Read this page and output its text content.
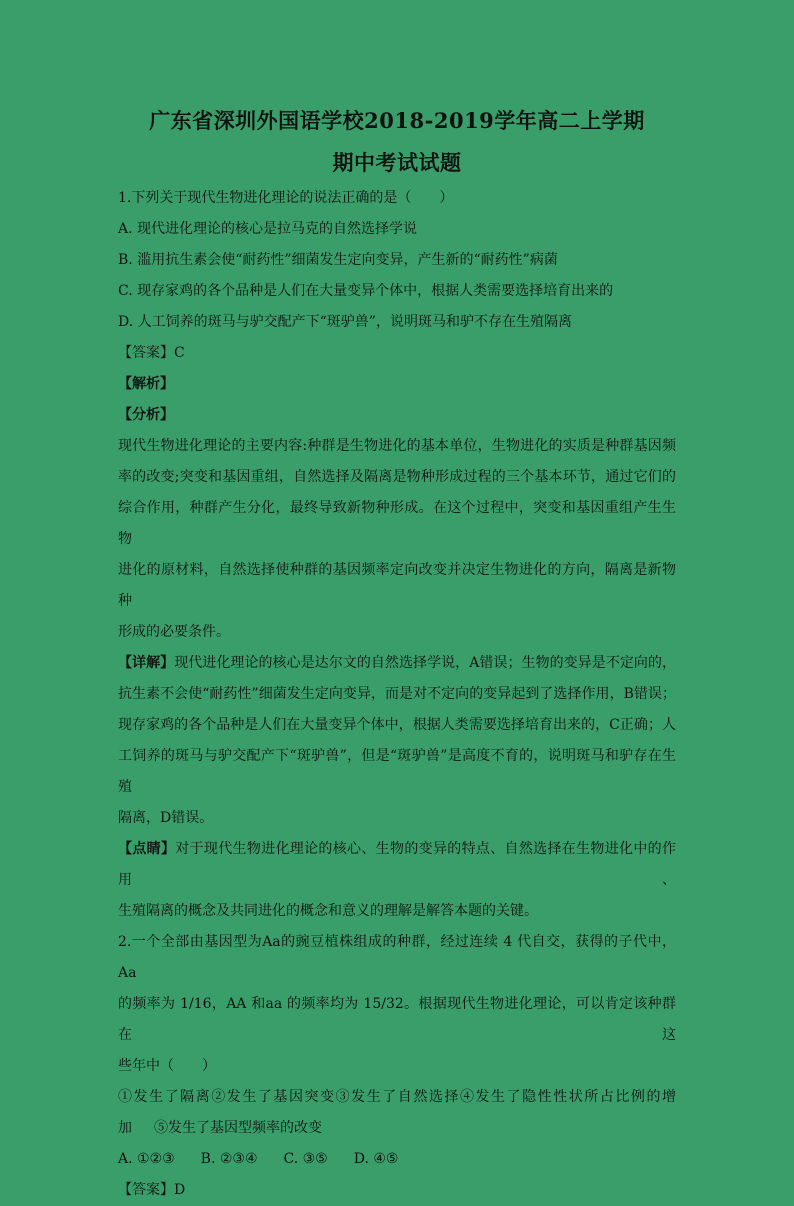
广东省深圳外国语学校2018-2019学年高二上学期
期中考试试题

1.下列关于现代生物进化理论的说法正确的是（　　）

A. 现代进化理论的核心是拉马克的自然选择学说

B. 滥用抗生素会使“耐药性”细菌发生定向变异，产生新的“耐药性”病菌

C. 现存家鸡的各个品种是人们在大量变异个体中，根据人类需要选择培育出来的

D. 人工饲养的斑马与驴交配产下“斑驴兽”，说明斑马和驴不存在生殖隔离

【答案】C

【解析】

【分析】

现代生物进化理论的主要内容:种群是生物进化的基本单位，生物进化的实质是种群基因频

率的改变;突变和基因重组，自然选择及隔离是物种形成过程的三个基本环节，通过它们的

综合作用，种群产生分化，最终导致新物种形成。在这个过程中，突变和基因重组产生生物

进化的原材料，自然选择使种群的基因频率定向改变并决定生物进化的方向，隔离是新物种

形成的必要条件。

【详解】现代进化理论的核心是达尔文的自然选择学说，A错误；生物的变异是不定向的，

抗生素不会使“耐药性”细菌发生定向变异，而是对不定向的变异起到了选择作用，B错误；

现存家鸡的各个品种是人们在大量变异个体中，根据人类需要选择培育出来的，C正确；人

工饲养的斑马与驴交配产下“斑驴兽”，但是“斑驴兽”是高度不育的，说明斑马和驴存在生殖

隔离，D错误。

【点睛】对于现代生物进化理论的核心、生物的变异的特点、自然选择在生物进化中的作用、

生殖隔离的概念及共同进化的概念和意义的理解是解答本题的关键。

2.一个全部由基因型为Aa的豌豆植株组成的种群，经过连续 4 代自交，获得的子代中，Aa

的频率为 1/16，AA 和aa 的频率均为 15/32。根据现代生物进化理论，可以肯定该种群在这

些年中（　　）

①发生了隔离②发生了基因突变③发生了自然选择④发生了隐性性状所占比例的增

加 ⑤发生了基因型频率的改变

A. ①②③ B. ②③④ C. ③⑤ D. ④⑤

【答案】D
